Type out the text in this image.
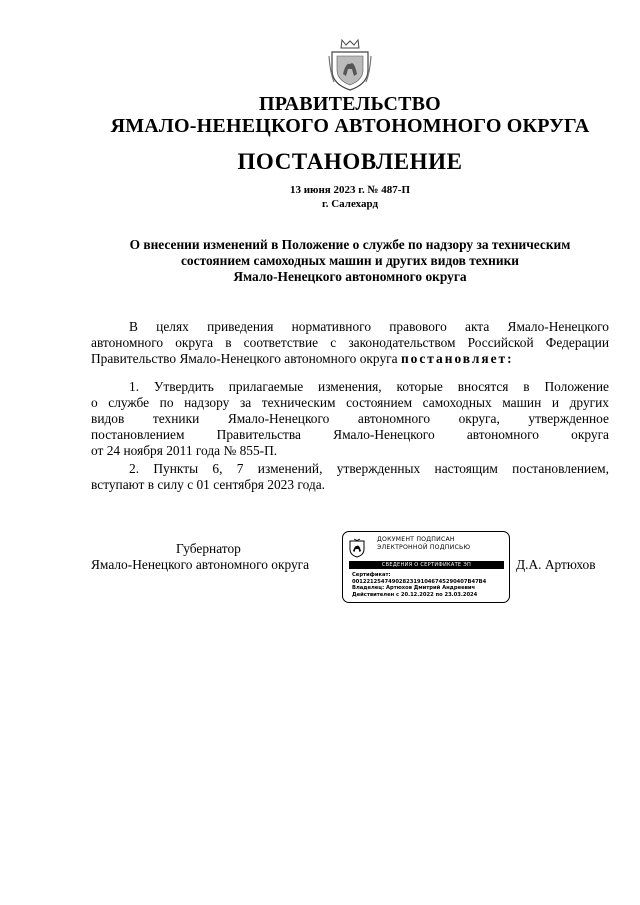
ПРАВИТЕЛЬСТВО
ЯМАЛО-НЕНЕЦКОГО АВТОНОМНОГО ОКРУГА
ПОСТАНОВЛЕНИЕ
13 июня 2023 г. № 487-П
г. Салехард
О внесении изменений в Положение о службе по надзору за техническим
состоянием самоходных машин и других видов техники
Ямало-Ненецкого автономного округа
В целях приведения нормативного правового акта Ямало-Ненецкого
автономного округа в соответствие с законодательством Российской Федерации
Правительство Ямало-Ненецкого автономного округа постановляет:
1. Утвердить прилагаемые изменения, которые вносятся в Положение
о службе по надзору за техническим состоянием самоходных машин и других
видов техники Ямало-Ненецкого автономного округа, утвержденное
постановлением Правительства Ямало-Ненецкого автономного округа
от 24 ноября 2011 года № 855-П.
2. Пункты 6, 7 изменений, утвержденных настоящим постановлением,
вступают в силу с 01 сентября 2023 года.
Губернатор
Ямало-Ненецкого автономного округа	Д.А. Артюхов
ДОКУМЕНТ ПОДПИСАН
ЭЛЕКТРОННОЙ ПОДПИСЬЮ
СВЕДЕНИЯ О СЕРТИФИКАТЕ ЭП
Сертификат:
00122125474902823191046745290407B47B4
Владелец: Артюхов Дмитрий Андреевич
Действителен с 20.12.2022 по 23.03.2024
